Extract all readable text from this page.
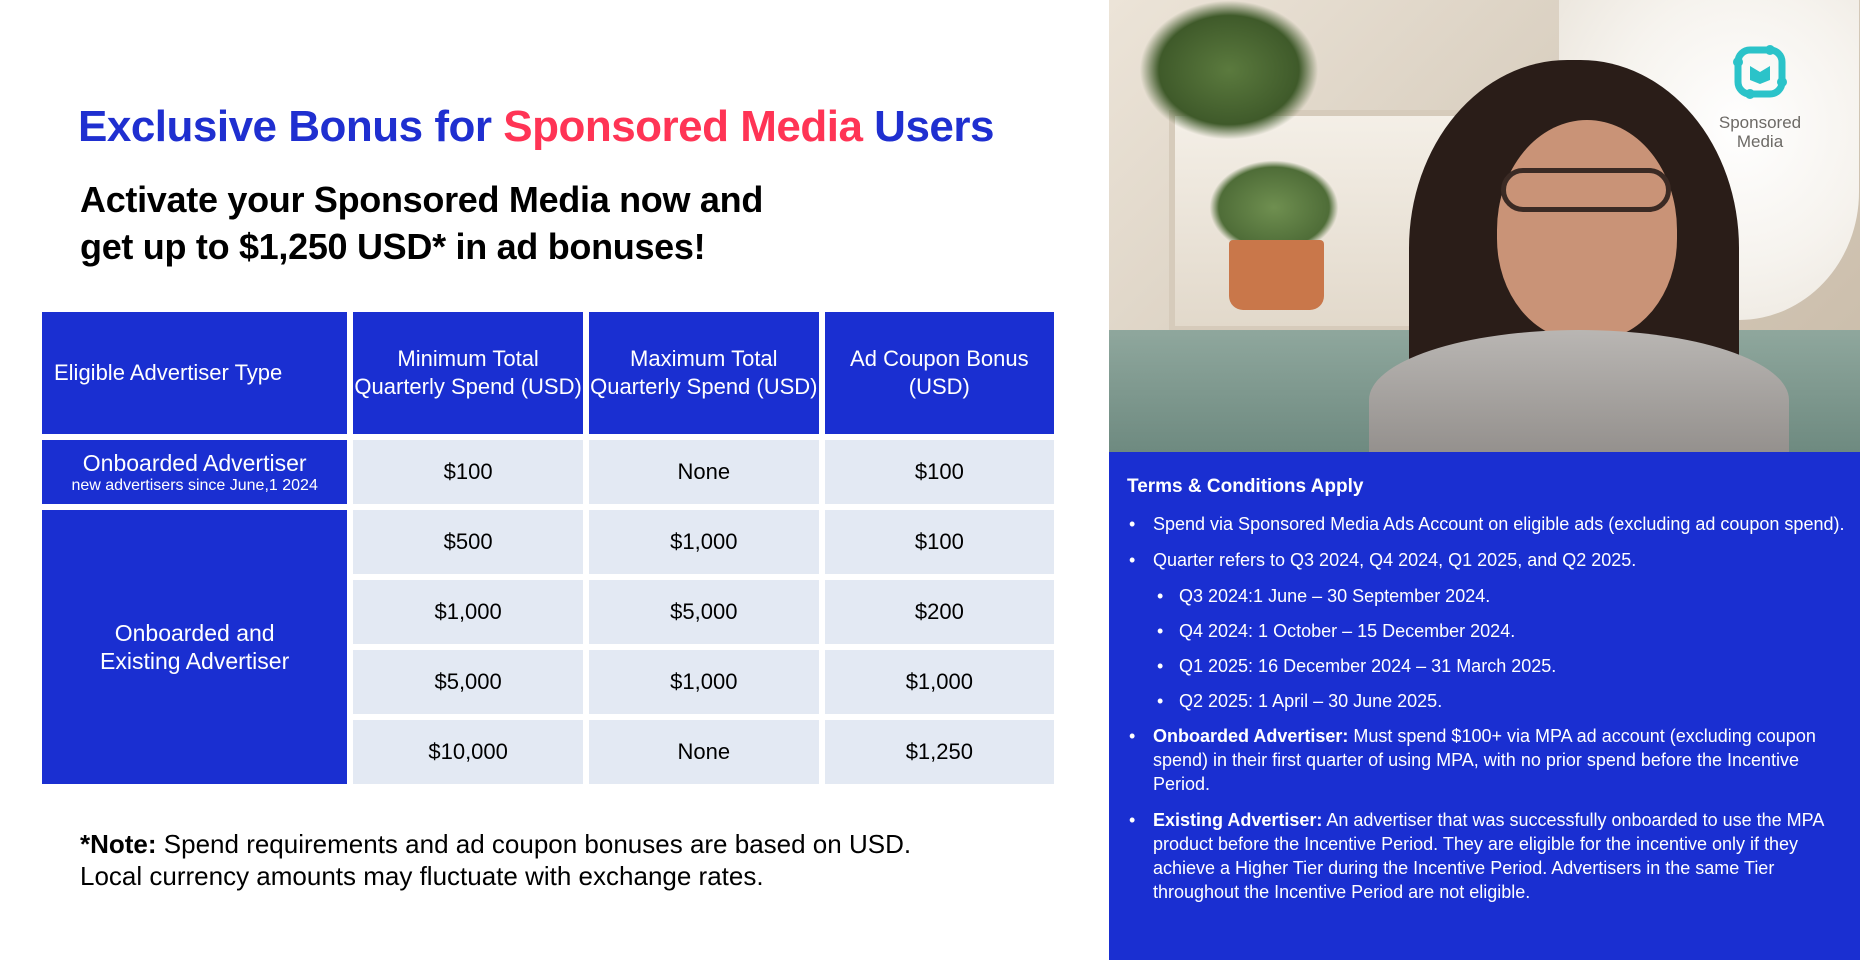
Exclusive Bonus for Sponsored Media Users
Activate your Sponsored Media now and
get up to $1,250 USD* in ad bonuses!
Eligible Advertiser Type	Minimum Total Quarterly Spend (USD)	Maximum Total Quarterly Spend (USD)	Ad Coupon Bonus (USD)
Onboarded Advertiser
new advertisers since June,1 2024	$100	None	$100
Onboarded and Existing Advertiser	$500	$1,000	$100
	$1,000	$5,000	$200
	$5,000	$1,000	$1,000
	$10,000	None	$1,250
*Note: Spend requirements and ad coupon bonuses are based on USD.
Local currency amounts may fluctuate with exchange rates.
Sponsored
Media
Terms & Conditions Apply
• Spend via Sponsored Media Ads Account on eligible ads (excluding ad coupon spend).
• Quarter refers to Q3 2024, Q4 2024, Q1 2025, and Q2 2025.
• Q3 2024:1 June – 30 September 2024.
• Q4 2024: 1 October – 15 December 2024.
• Q1 2025: 16 December 2024 – 31 March 2025.
• Q2 2025: 1 April – 30 June 2025.
• Onboarded Advertiser: Must spend $100+ via MPA ad account (excluding coupon spend) in their first quarter of using MPA, with no prior spend before the Incentive Period.
• Existing Advertiser: An advertiser that was successfully onboarded to use the MPA product before the Incentive Period. They are eligible for the incentive only if they achieve a Higher Tier during the Incentive Period. Advertisers in the same Tier throughout the Incentive Period are not eligible.
